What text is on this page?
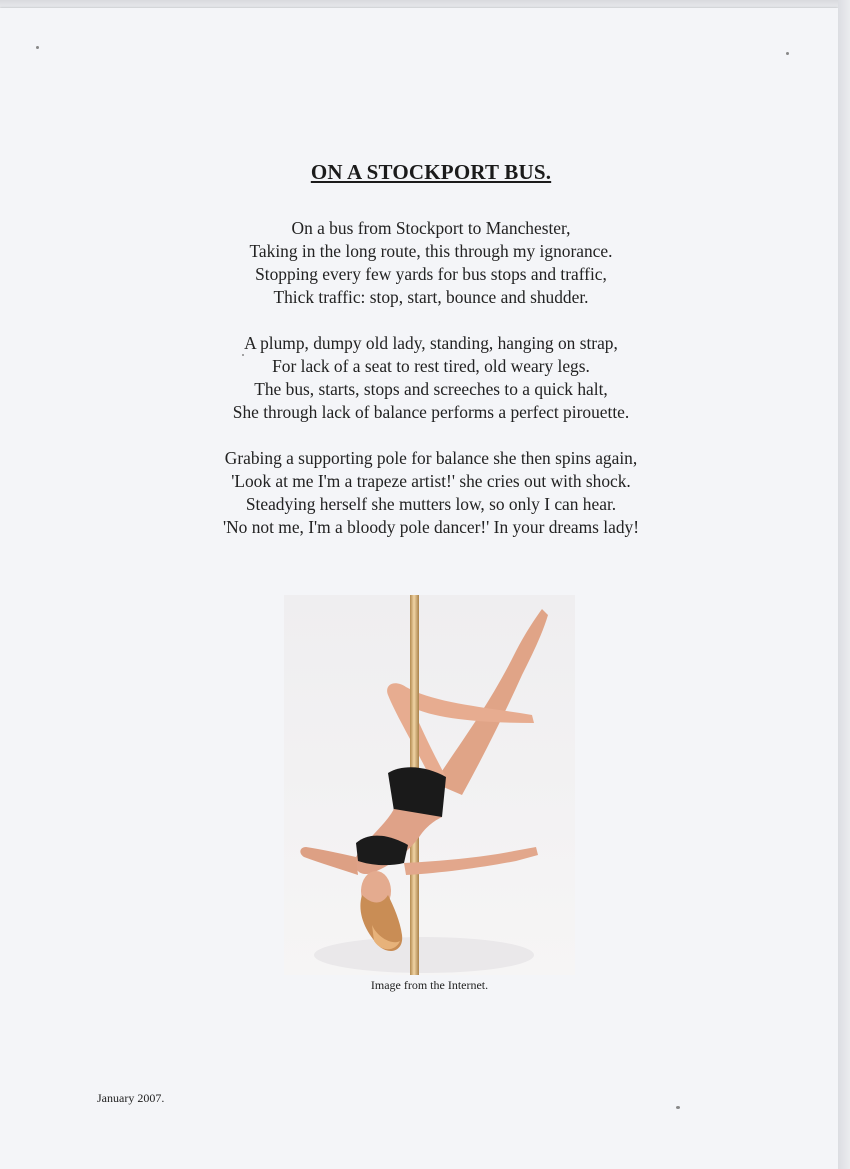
ON A STOCKPORT BUS.
On a bus from Stockport to Manchester,
Taking in the long route, this through my ignorance.
Stopping every few yards for bus stops and traffic,
Thick traffic: stop, start, bounce and shudder.
A plump, dumpy old lady, standing, hanging on strap,
For lack of a seat to rest tired, old weary legs.
The bus, starts, stops and screeches to a quick halt,
She through lack of balance performs a perfect pirouette.
Grabing a supporting pole for balance she then spins again,
'Look at me I'm a trapeze artist!' she cries out with shock.
Steadying herself she mutters low, so only I can hear.
'No not me, I'm a bloody pole dancer!' In your dreams lady!
Image from the Internet.
January 2007.
